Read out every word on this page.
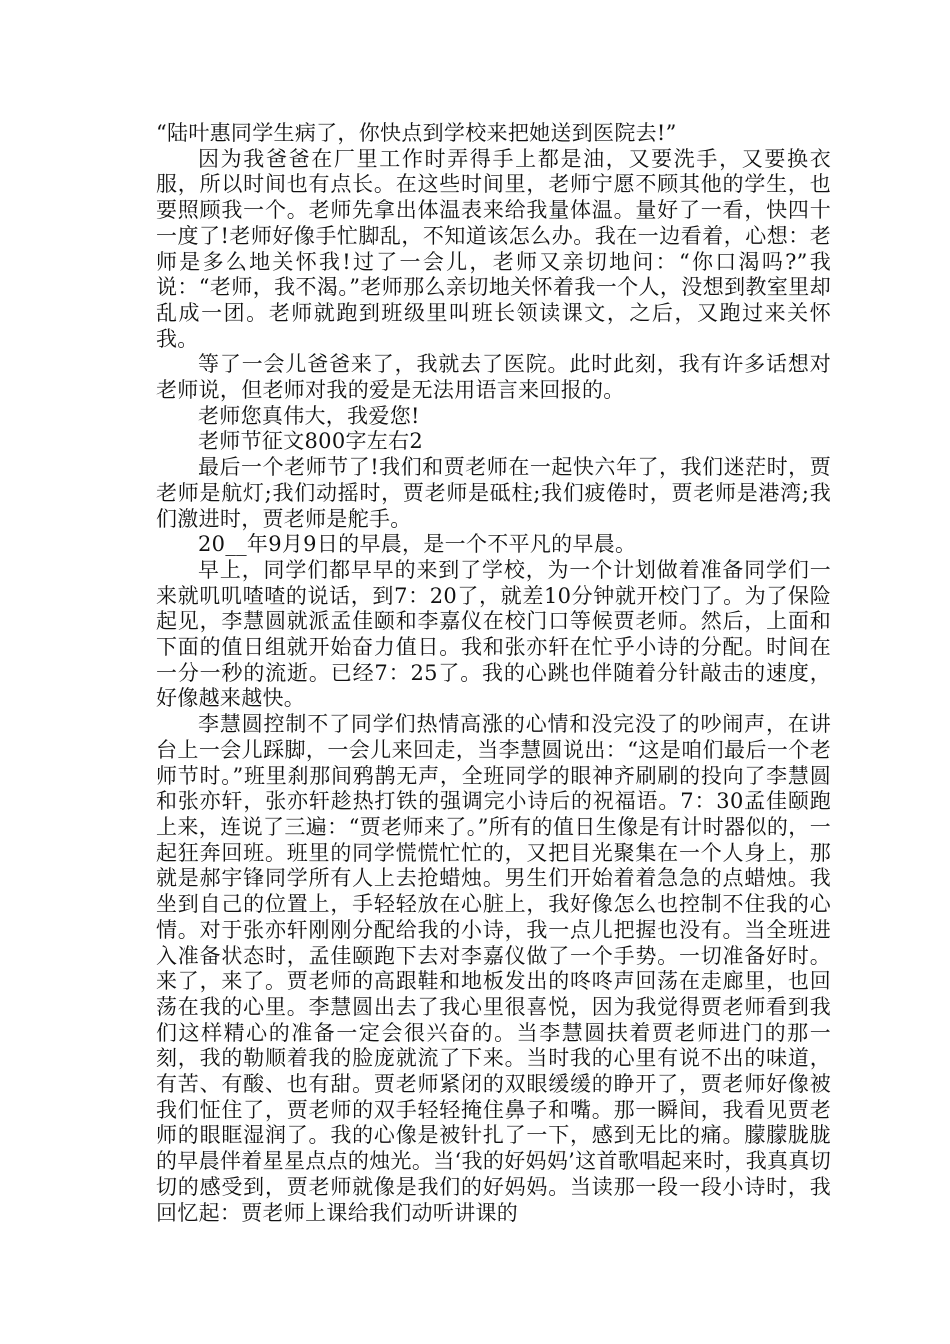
“陆叶惠同学生病了，你快点到学校来把她送到医院去!”

因为我爸爸在厂里工作时弄得手上都是油，又要洗手，又要换衣服，所以时间也有点长。在这些时间里，老师宁愿不顾其他的学生，也要照顾我一个。老师先拿出体温表来给我量体温。量好了一看，快四十一度了!老师好像手忙脚乱，不知道该怎么办。我在一边看着，心想：老师是多么地关怀我!过了一会儿，老师又亲切地问：“你口渴吗?”我说：“老师，我不渴。”老师那么亲切地关怀着我一个人，没想到教室里却乱成一团。老师就跑到班级里叫班长领读课文，之后，又跑过来关怀我。

等了一会儿爸爸来了，我就去了医院。此时此刻，我有许多话想对老师说，但老师对我的爱是无法用语言来回报的。

老师您真伟大，我爱您!

老师节征文800字左右2

最后一个老师节了!我们和贾老师在一起快六年了，我们迷茫时，贾老师是航灯;我们动摇时，贾老师是砥柱;我们疲倦时，贾老师是港湾;我们激进时，贾老师是舵手。

20__年9月9日的早晨，是一个不平凡的早晨。

早上，同学们都早早的来到了学校，为一个计划做着准备同学们一来就叽叽喳喳的说话，到7：20了，就差10分钟就开校门了。为了保险起见，李慧圆就派孟佳颐和李嘉仪在校门口等候贾老师。然后，上面和下面的值日组就开始奋力值日。我和张亦轩在忙乎小诗的分配。时间在一分一秒的流逝。已经7：25了。我的心跳也伴随着分针敲击的速度，好像越来越快。

李慧圆控制不了同学们热情高涨的心情和没完没了的吵闹声，在讲台上一会儿踩脚，一会儿来回走，当李慧圆说出：“这是咱们最后一个老师节时。”班里刹那间鸦鹊无声，全班同学的眼神齐刷刷的投向了李慧圆和张亦轩，张亦轩趁热打铁的强调完小诗后的祝福语。7：30孟佳颐跑上来，连说了三遍：“贾老师来了。”所有的值日生像是有计时器似的，一起狂奔回班。班里的同学慌慌忙忙的，又把目光聚集在一个人身上，那就是郝宇锋同学所有人上去抢蜡烛。男生们开始着着急急的点蜡烛。我坐到自己的位置上，手轻轻放在心脏上，我好像怎么也控制不住我的心情。对于张亦轩刚刚分配给我的小诗，我一点儿把握也没有。当全班进入准备状态时，孟佳颐跑下去对李嘉仪做了一个手势。一切准备好时。来了，来了。贾老师的高跟鞋和地板发出的咚咚声回荡在走廊里，也回荡在我的心里。李慧圆出去了我心里很喜悦，因为我觉得贾老师看到我们这样精心的准备一定会很兴奋的。当李慧圆扶着贾老师进门的那一刻，我的勒顺着我的脸庞就流了下来。当时我的心里有说不出的味道，有苦、有酸、也有甜。贾老师紧闭的双眼缓缓的睁开了，贾老师好像被我们怔住了，贾老师的双手轻轻掩住鼻子和嘴。那一瞬间，我看见贾老师的眼眶湿润了。我的心像是被针扎了一下，感到无比的痛。朦朦胧胧的早晨伴着星星点点的烛光。当‘我的好妈妈’这首歌唱起来时，我真真切切的感受到，贾老师就像是我们的好妈妈。当读那一段一段小诗时，我回忆起：贾老师上课给我们动听讲课的
